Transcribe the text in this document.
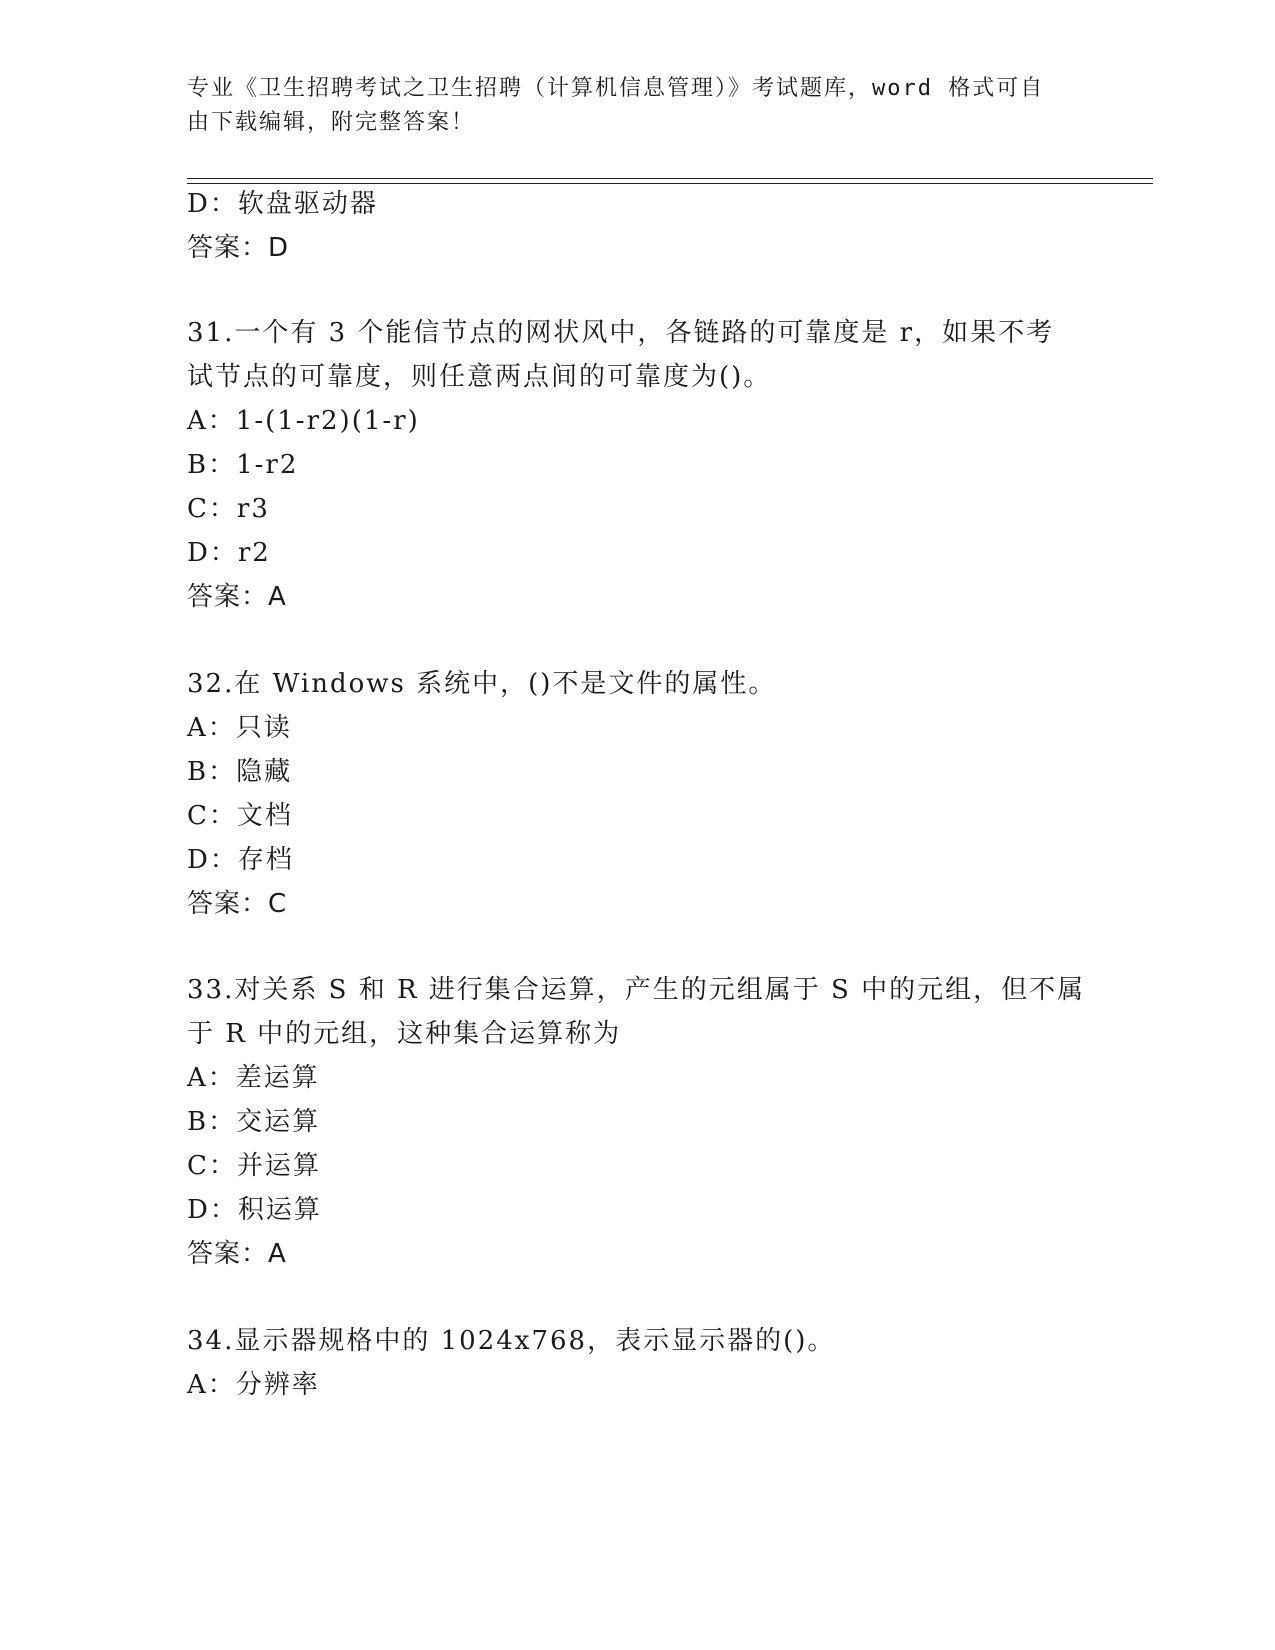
专业《卫生招聘考试之卫生招聘（计算机信息管理）》考试题库，word 格式可自
由下载编辑，附完整答案！
D：软盘驱动器
答案：D
31.一个有 3 个能信节点的网状风中，各链路的可靠度是 r，如果不考
试节点的可靠度，则任意两点间的可靠度为()。
A：1-(1-r2)(1-r)
B：1-r2
C：r3
D：r2
答案：A
32.在 Windows 系统中，()不是文件的属性。
A：只读
B：隐藏
C：文档
D：存档
答案：C
33.对关系 S 和 R 进行集合运算，产生的元组属于 S 中的元组，但不属
于 R 中的元组，这种集合运算称为
A：差运算
B：交运算
C：并运算
D：积运算
答案：A
34.显示器规格中的 1024x768，表示显示器的()。
A：分辨率
